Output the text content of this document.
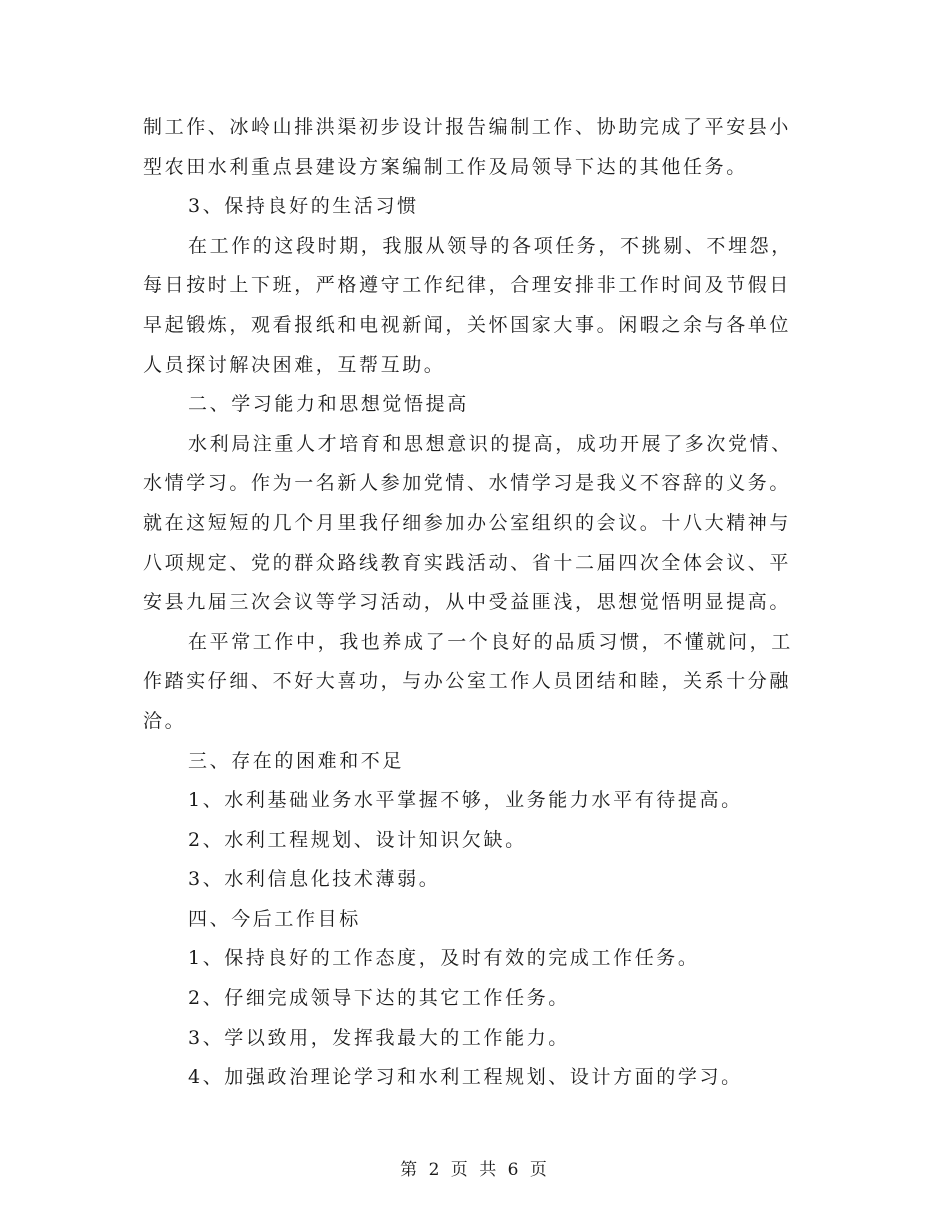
制工作、冰岭山排洪渠初步设计报告编制工作、协助完成了平安县小
型农田水利重点县建设方案编制工作及局领导下达的其他任务。
3、保持良好的生活习惯
在工作的这段时期，我服从领导的各项任务，不挑剔、不埋怨，
每日按时上下班，严格遵守工作纪律，合理安排非工作时间及节假日
早起锻炼，观看报纸和电视新闻，关怀国家大事。闲暇之余与各单位
人员探讨解决困难，互帮互助。
二、学习能力和思想觉悟提高
水利局注重人才培育和思想意识的提高，成功开展了多次党情、
水情学习。作为一名新人参加党情、水情学习是我义不容辞的义务。
就在这短短的几个月里我仔细参加办公室组织的会议。十八大精神与
八项规定、党的群众路线教育实践活动、省十二届四次全体会议、平
安县九届三次会议等学习活动，从中受益匪浅，思想觉悟明显提高。
在平常工作中，我也养成了一个良好的品质习惯，不懂就问，工
作踏实仔细、不好大喜功，与办公室工作人员团结和睦，关系十分融
洽。
三、存在的困难和不足
1、水利基础业务水平掌握不够，业务能力水平有待提高。
2、水利工程规划、设计知识欠缺。
3、水利信息化技术薄弱。
四、今后工作目标
1、保持良好的工作态度，及时有效的完成工作任务。
2、仔细完成领导下达的其它工作任务。
3、学以致用，发挥我最大的工作能力。
4、加强政治理论学习和水利工程规划、设计方面的学习。
第 2 页 共 6 页
